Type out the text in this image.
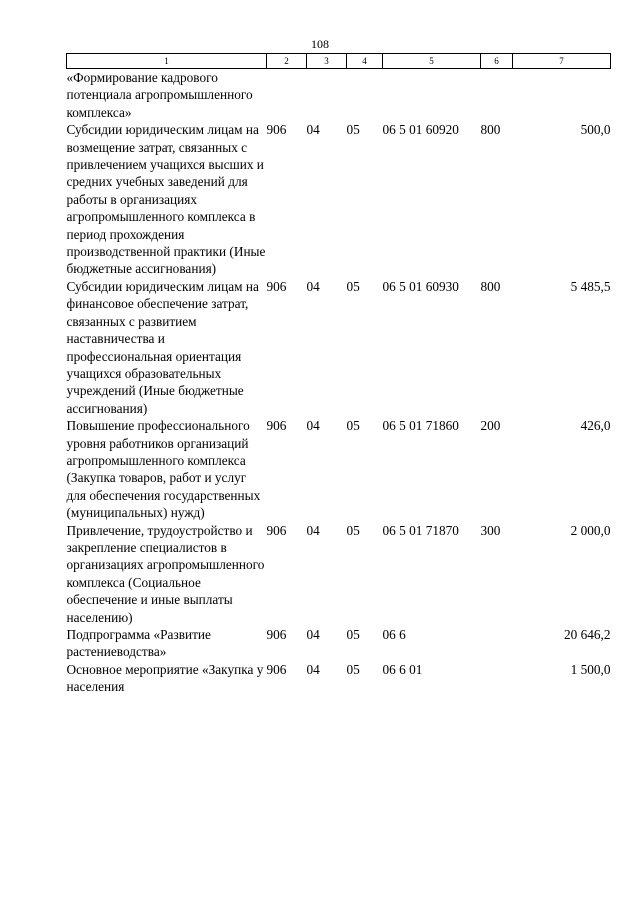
108
1	2	3	4	5	6	7
«Формирование кадрового потенциала агропромышленного комплекса»						
Субсидии юридическим лицам на возмещение затрат, связанных с привлечением учащихся высших и средних учебных заведений для работы в организациях агропромышленного комплекса в период прохождения производственной практики (Иные бюджетные ассигнования)	906	04	05	06 5 01 60920	800	500,0
Субсидии юридическим лицам на финансовое обеспечение затрат, связанных с развитием наставничества и профессиональная ориентация учащихся образовательных учреждений (Иные бюджетные ассигнования)	906	04	05	06 5 01 60930	800	5 485,5
Повышение профессионального уровня работников организаций агропромышленного комплекса (Закупка товаров, работ и услуг для обеспечения государственных (муниципальных) нужд)	906	04	05	06 5 01 71860	200	426,0
Привлечение, трудоустройство и закрепление специалистов в организациях агропромышленного комплекса (Социальное обеспечение и иные выплаты населению)	906	04	05	06 5 01 71870	300	2 000,0
Подпрограмма «Развитие растениеводства»	906	04	05	06 6		20 646,2
Основное мероприятие «Закупка у населения	906	04	05	06 6 01		1 500,0
